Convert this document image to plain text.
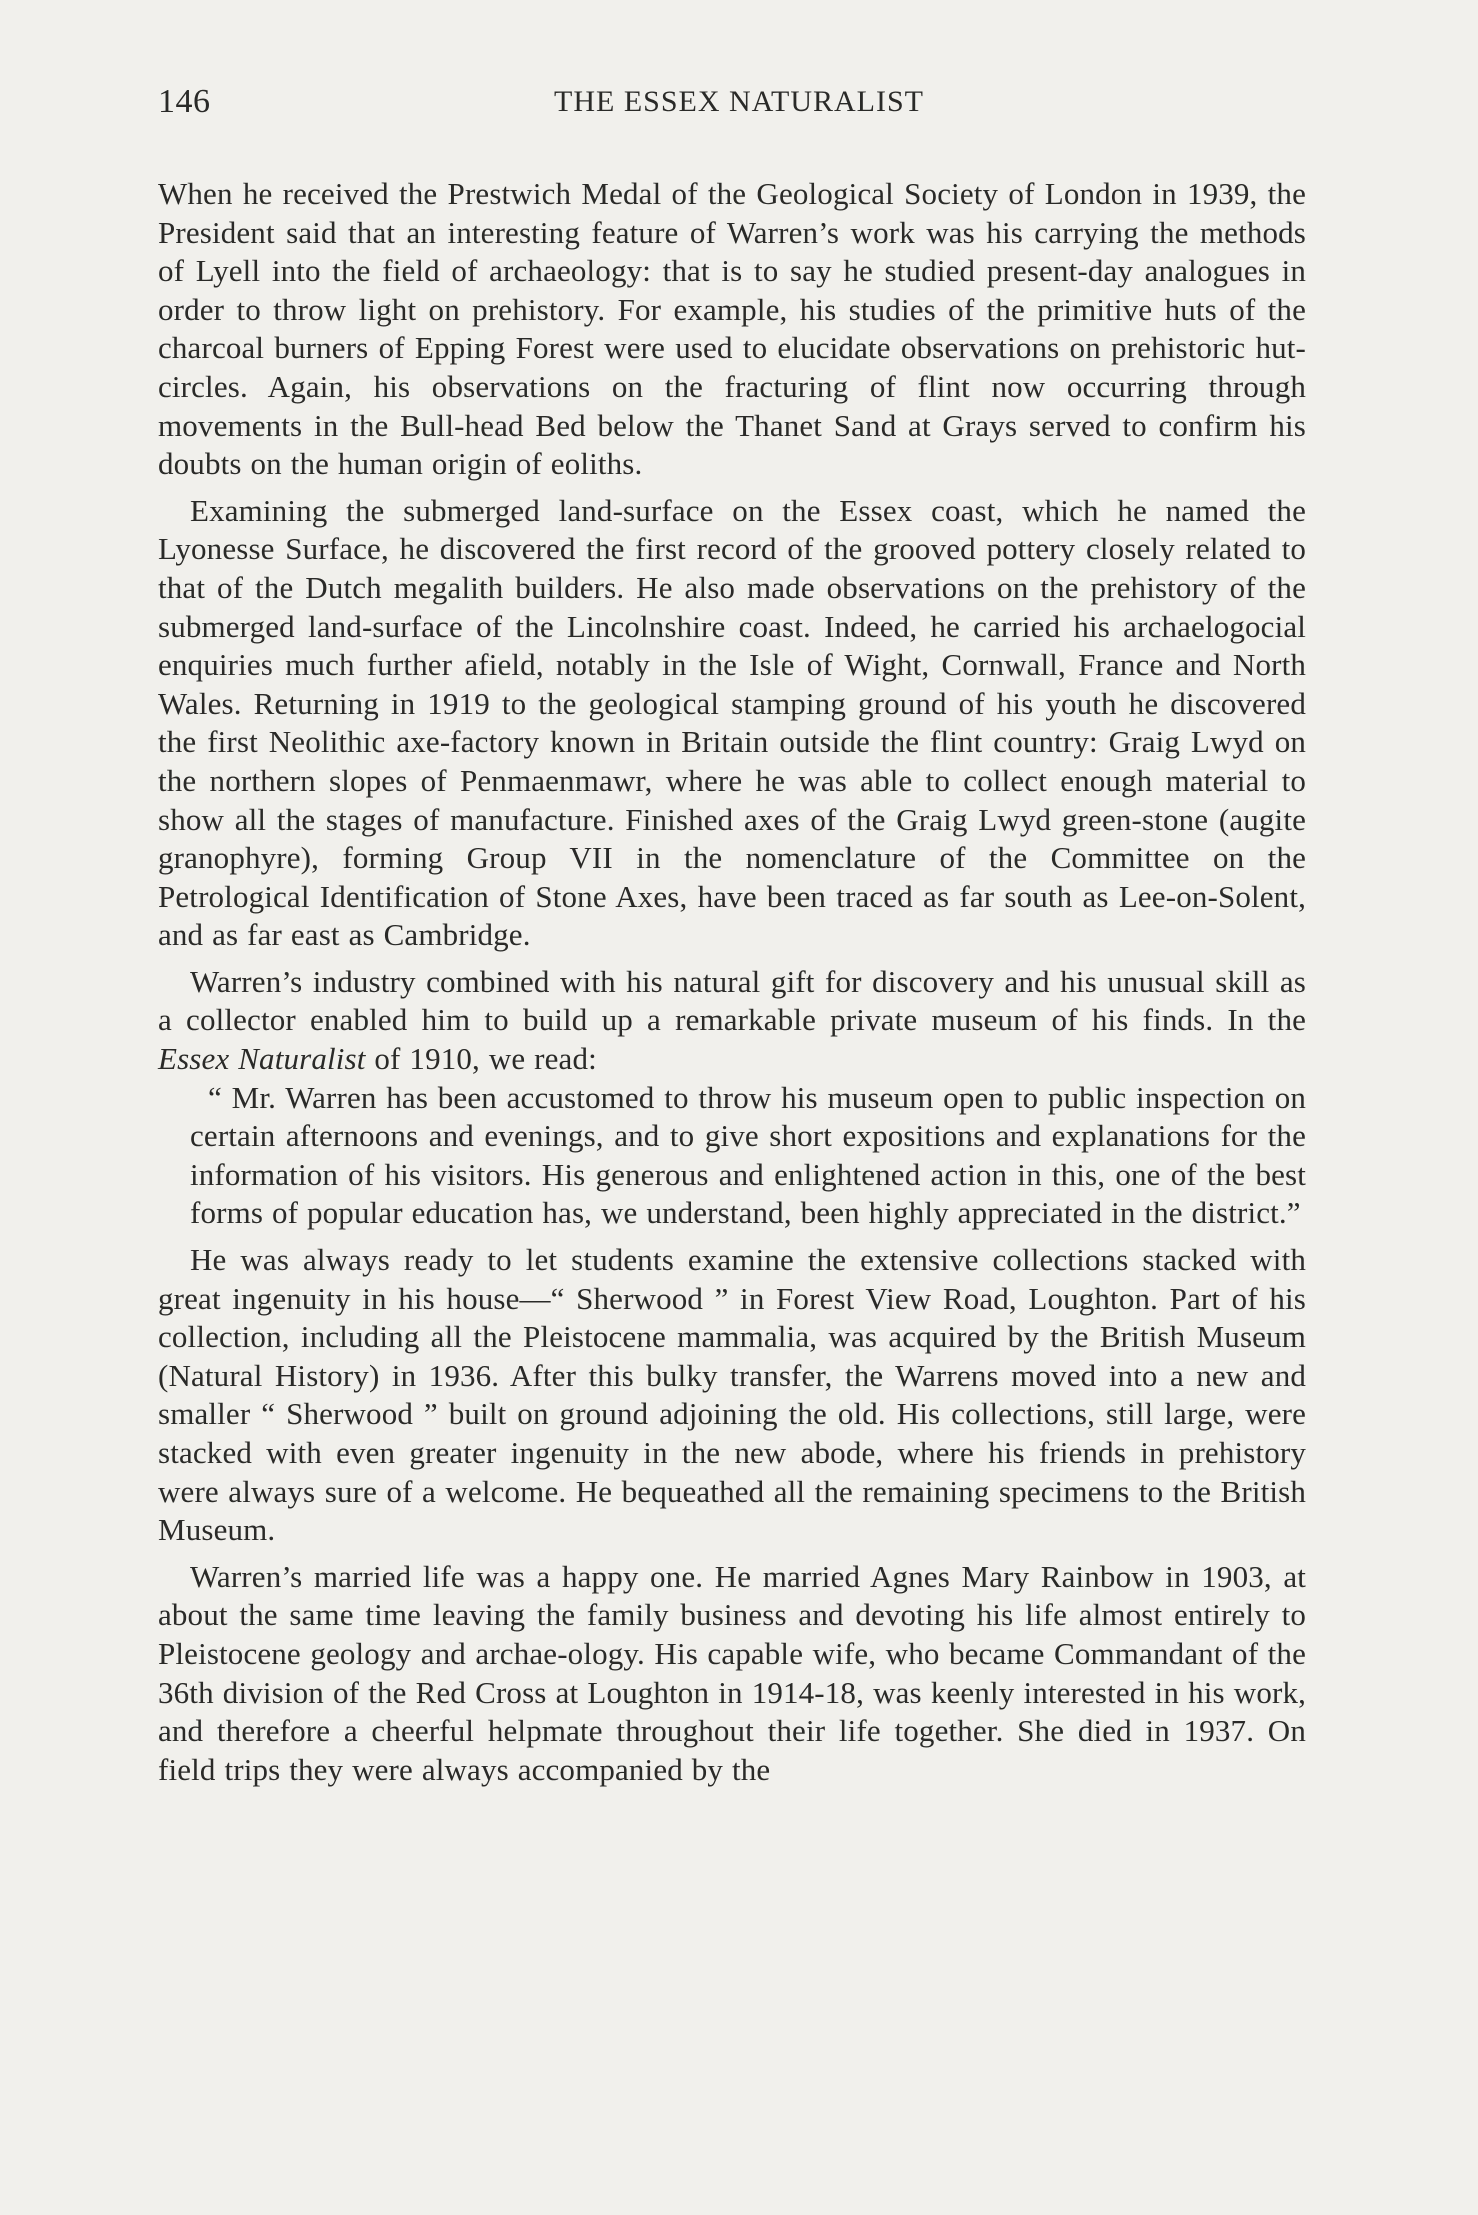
146	THE ESSEX NATURALIST

When he received the Prestwich Medal of the Geological Society of London in 1939, the President said that an interesting feature of Warren’s work was his carrying the methods of Lyell into the field of archaeology: that is to say he studied present-day analogues in order to throw light on prehistory. For example, his studies of the primitive huts of the charcoal burners of Epping Forest were used to elucidate observations on prehistoric hut-circles. Again, his observations on the fracturing of flint now occurring through movements in the Bull-head Bed below the Thanet Sand at Grays served to confirm his doubts on the human origin of eoliths.

Examining the submerged land-surface on the Essex coast, which he named the Lyonesse Surface, he discovered the first record of the grooved pottery closely related to that of the Dutch megalith builders. He also made observations on the prehistory of the submerged land-surface of the Lincolnshire coast. Indeed, he carried his archaelogocial enquiries much further afield, notably in the Isle of Wight, Cornwall, France and North Wales. Returning in 1919 to the geological stamping ground of his youth he discovered the first Neolithic axe-factory known in Britain outside the flint country: Graig Lwyd on the northern slopes of Penmaenmawr, where he was able to collect enough material to show all the stages of manufacture. Finished axes of the Graig Lwyd green-stone (augite granophyre), forming Group VII in the nomenclature of the Committee on the Petrological Identification of Stone Axes, have been traced as far south as Lee-on-Solent, and as far east as Cambridge.

Warren’s industry combined with his natural gift for discovery and his unusual skill as a collector enabled him to build up a remarkable private museum of his finds. In the Essex Naturalist of 1910, we read:

“ Mr. Warren has been accustomed to throw his museum open to public inspection on certain afternoons and evenings, and to give short expositions and explanations for the information of his visitors. His generous and enlightened action in this, one of the best forms of popular education has, we understand, been highly appreciated in the district.”

He was always ready to let students examine the extensive collections stacked with great ingenuity in his house—“ Sherwood ” in Forest View Road, Loughton. Part of his collection, including all the Pleistocene mammalia, was acquired by the British Museum (Natural History) in 1936. After this bulky transfer, the Warrens moved into a new and smaller “ Sherwood ” built on ground adjoining the old. His collections, still large, were stacked with even greater ingenuity in the new abode, where his friends in prehistory were always sure of a welcome. He bequeathed all the remaining specimens to the British Museum.

Warren’s married life was a happy one. He married Agnes Mary Rainbow in 1903, at about the same time leaving the family business and devoting his life almost entirely to Pleistocene geology and archae-ology. His capable wife, who became Commandant of the 36th division of the Red Cross at Loughton in 1914-18, was keenly interested in his work, and therefore a cheerful helpmate throughout their life together. She died in 1937. On field trips they were always accompanied by the
